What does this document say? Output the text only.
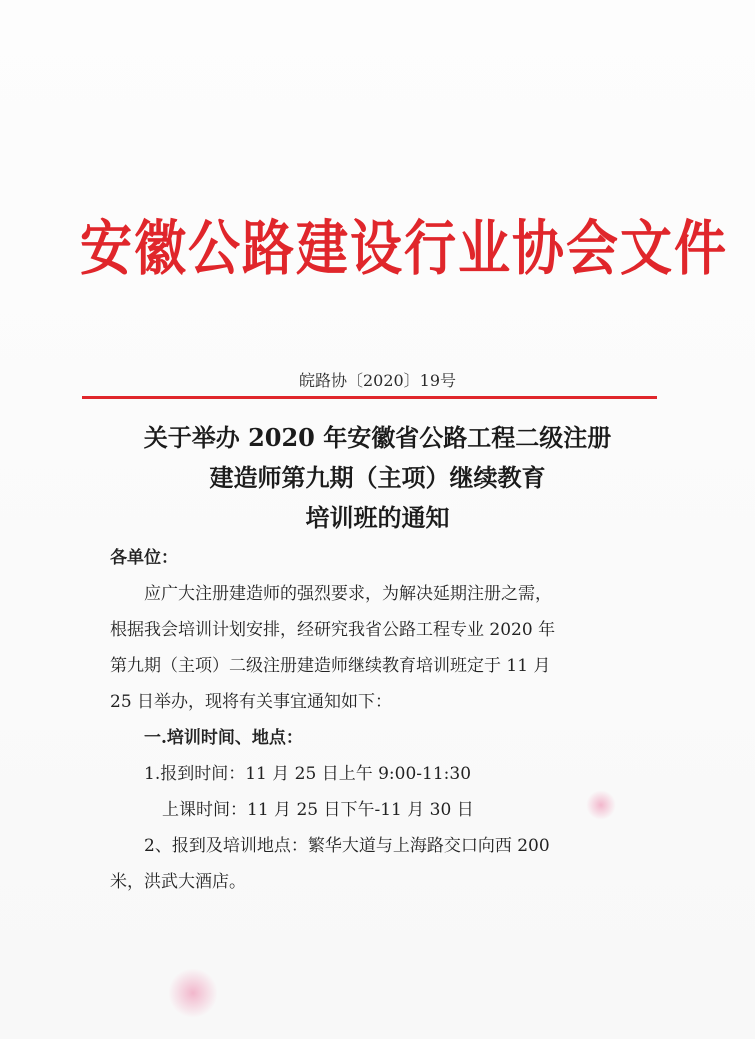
安徽公路建设行业协会文件
皖路协〔2020〕19号
关于举办 2020 年安徽省公路工程二级注册
建造师第九期（主项）继续教育
培训班的通知
各单位：
应广大注册建造师的强烈要求，为解决延期注册之需，
根据我会培训计划安排，经研究我省公路工程专业 2020 年
第九期（主项）二级注册建造师继续教育培训班定于 11 月
25 日举办，现将有关事宜通知如下：
一.培训时间、地点：
1.报到时间：11 月 25 日上午 9:00-11:30
上课时间：11 月 25 日下午-11 月 30 日
2、报到及培训地点：繁华大道与上海路交口向西 200
米，洪武大酒店。
